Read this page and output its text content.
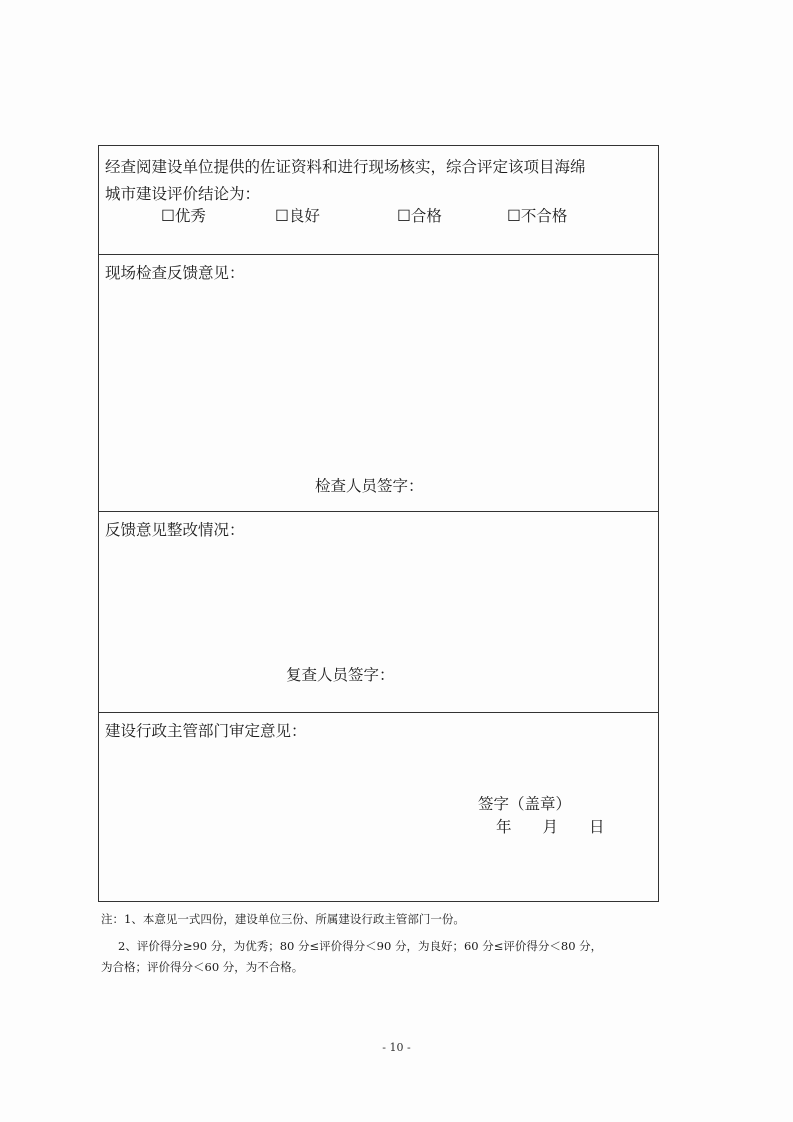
经查阅建设单位提供的佐证资料和进行现场核实，综合评定该项目海绵
城市建设评价结论为：
☐优秀	☐良好	☐合格	☐不合格
现场检查反馈意见：
检查人员签字：
反馈意见整改情况：
复查人员签字：
建设行政主管部门审定意见：
签字（盖章）
年　　月　　日
注：1、本意见一式四份，建设单位三份、所属建设行政主管部门一份。
2、评价得分≥90 分，为优秀；80 分≤评价得分＜90 分，为良好；60 分≤评价得分＜80 分，
为合格；评价得分＜60 分，为不合格。
- 10 -
